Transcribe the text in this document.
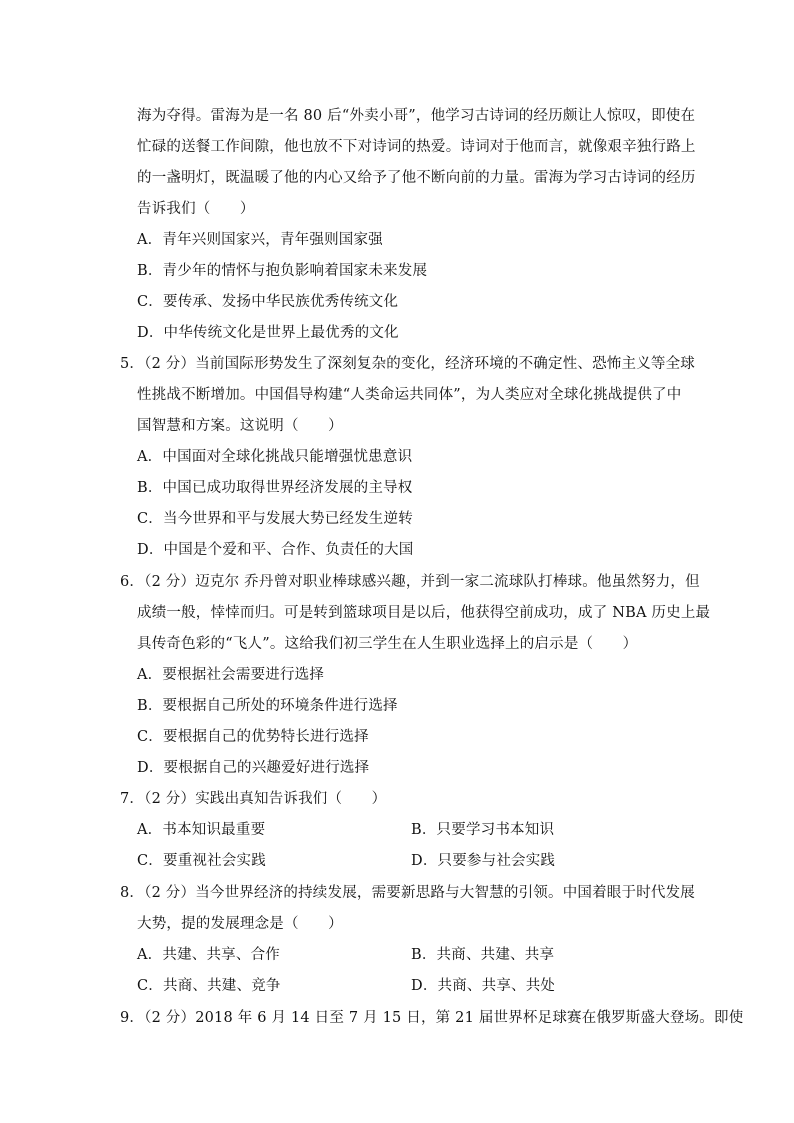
海为夺得。雷海为是一名 80 后“外卖小哥”，他学习古诗词的经历颇让人惊叹，即使在
忙碌的送餐工作间隙，他也放不下对诗词的热爱。诗词对于他而言，就像艰辛独行路上
的一盏明灯，既温暖了他的内心又给予了他不断向前的力量。雷海为学习古诗词的经历
告诉我们（　　）
A．青年兴则国家兴，青年强则国家强
B．青少年的情怀与抱负影响着国家未来发展
C．要传承、发扬中华民族优秀传统文化
D．中华传统文化是世界上最优秀的文化
5．（2 分）当前国际形势发生了深刻复杂的变化，经济环境的不确定性、恐怖主义等全球
性挑战不断增加。中国倡导构建“人类命运共同体”，为人类应对全球化挑战提供了中
国智慧和方案。这说明（　　）
A．中国面对全球化挑战只能增强忧患意识
B．中国已成功取得世界经济发展的主导权
C．当今世界和平与发展大势已经发生逆转
D．中国是个爱和平、合作、负责任的大国
6．（2 分）迈克尔 乔丹曾对职业棒球感兴趣，并到一家二流球队打棒球。他虽然努力，但
成绩一般，悻悻而归。可是转到篮球项目是以后，他获得空前成功，成了 NBA 历史上最
具传奇色彩的“飞人”。这给我们初三学生在人生职业选择上的启示是（　　）
A．要根据社会需要进行选择
B．要根据自己所处的环境条件进行选择
C．要根据自己的优势特长进行选择
D．要根据自己的兴趣爱好进行选择
7．（2 分）实践出真知告诉我们（　　）
A．书本知识最重要	B．只要学习书本知识
C．要重视社会实践	D．只要参与社会实践
8．（2 分）当今世界经济的持续发展，需要新思路与大智慧的引领。中国着眼于时代发展
大势，提的发展理念是（　　）
A．共建、共享、合作	B．共商、共建、共享
C．共商、共建、竞争	D．共商、共享、共处
9．（2 分）2018 年 6 月 14 日至 7 月 15 日，第 21 届世界杯足球赛在俄罗斯盛大登场。即使
